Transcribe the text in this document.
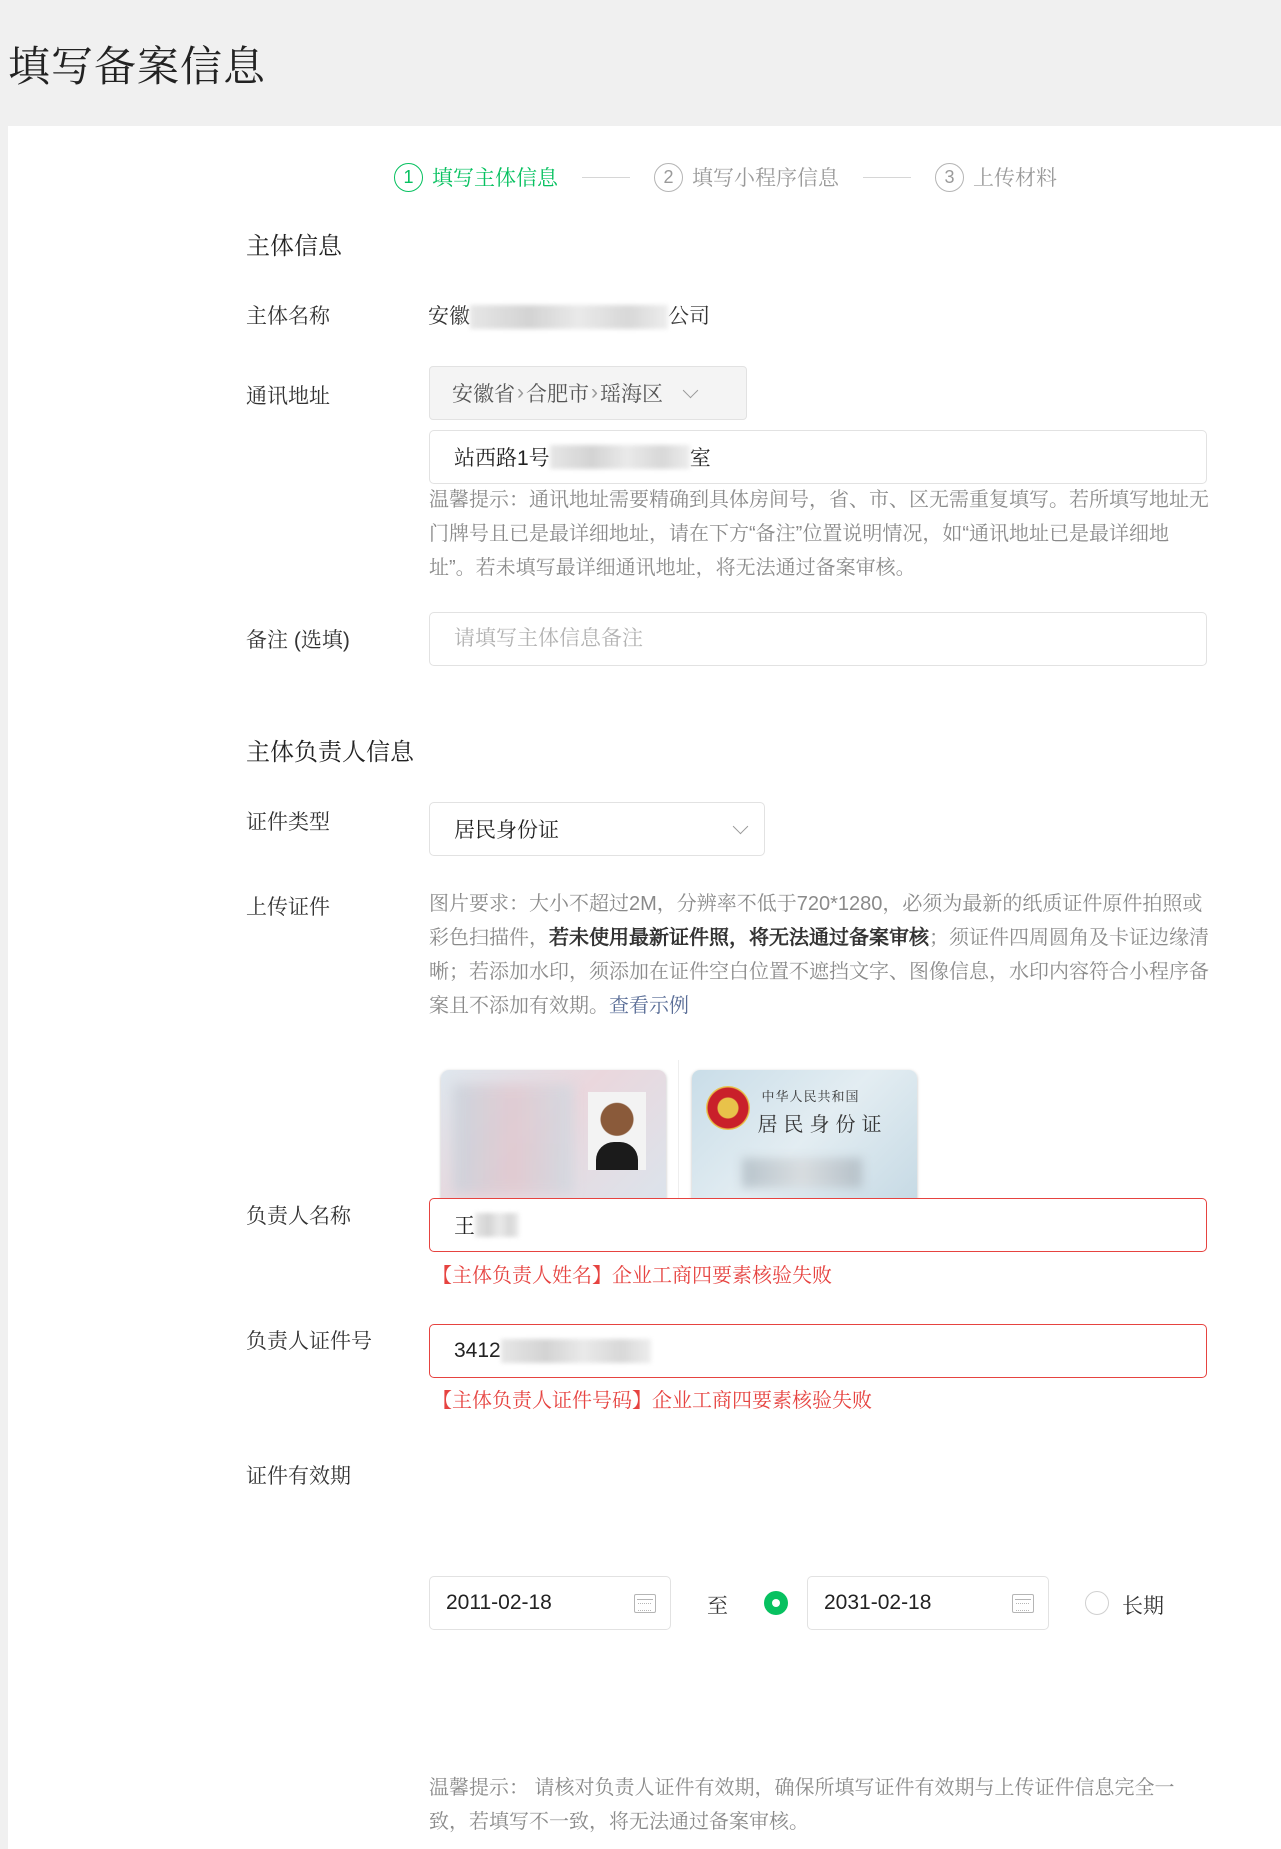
填写备案信息
1 填写主体信息	2 填写小程序信息	3 上传材料
主体信息
主体名称	安徽	公司
通讯地址	安徽省 › 合肥市 › 瑶海区
站西路1号	室
温馨提示：通讯地址需要精确到具体房间号，省、市、区无需重复填写。若所填写地址无门牌号且已是最详细地址，请在下方“备注”位置说明情况，如“通讯地址已是最详细地址”。若未填写最详细通讯地址，将无法通过备案审核。
备注 (选填)
请填写主体信息备注
主体负责人信息
证件类型	居民身份证
上传证件	图片要求：大小不超过2M，分辨率不低于720*1280，必须为最新的纸质证件原件拍照或彩色扫描件，若未使用最新证件照，将无法通过备案审核；须证件四周圆角及卡证边缘清晰；若添加水印，须添加在证件空白位置不遮挡文字、图像信息，水印内容符合小程序备案且不添加有效期。查看示例
中华人民共和国
居民身份证
负责人名称	王
【主体负责人姓名】企业工商四要素核验失败
负责人证件号	3412
【主体负责人证件号码】企业工商四要素核验失败
证件有效期
2011-02-18	至	2031-02-18	长期
温馨提示： 请核对负责人证件有效期，确保所填写证件有效期与上传证件信息完全一致，若填写不一致，将无法通过备案审核。
